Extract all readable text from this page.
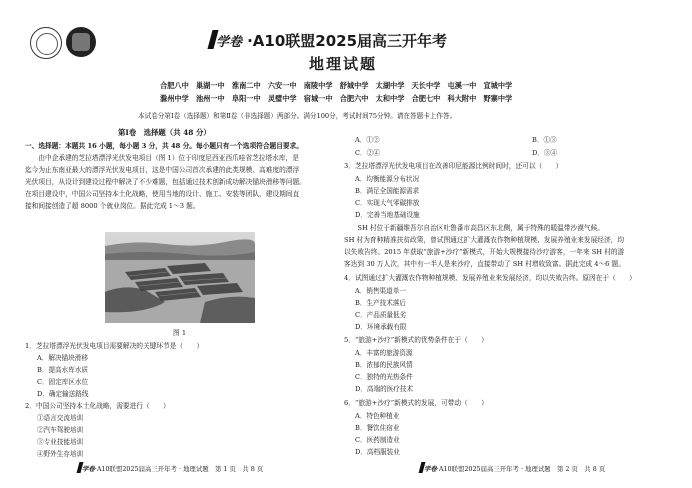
学卷 ·A10联盟2025届高三开年考
地理试题
合肥八中　巢湖一中　淮南二中　六安一中　南陵中学　舒城中学　太湖中学　天长中学　屯溪一中　宣城中学
滁州中学　池州一中　阜阳一中　灵璧中学　宿城一中　合肥六中　太和中学　合肥七中　科大附中　野寨中学
本试卷分第Ⅰ卷（选择题）和第Ⅱ卷（非选择题）两部分。满分100分，考试时间75分钟。请在答题卡上作答。
第Ⅰ卷　选择题（共 48 分）
一、选择题：本题共 16 小题，每小题 3 分，共 48 分。每小题只有一个选项符合题目要求。
　　由中企承建的芝拉塔漂浮光伏发电项目（图 1）位于印度尼西亚西爪哇省芝拉塔水库，是
迄今为止东南亚最大的漂浮光伏发电项目，这是中国公司首次承建的此类规模、高难度的漂浮
光伏项目，从设计到建设过程中解决了不少难题，包括通过技术创新成功解决锚块滑移等问题。
在项目建设中，中国公司坚持本土化战略，使用当地的设计、施工、安装等团队，建设期间直
接和间接创造了超 8000 个就业岗位。据此完成 1～3 题。
图 1
1．芝拉塔漂浮光伏发电项目需要解决的关键环节是（　　）
A．解决锚块滑移
B．提高水库水质
C．固定库区水位
D．确定输送路线
2．中国公司坚持本土化战略，需要进行（　　）
①语言交流培训
②汽车驾驶培训
③专业技能培训
④野外生存培训
学卷·A10联盟2025届高三开年考 · 地理试题　第 1 页　共 8 页
A．①②	B．①③
C．②④	D．③④
3．芝拉塔漂浮光伏发电项目在改善印尼能源比例时间时，还可以（　　）
A．均衡能源分布状况
B．满足全国能源需求
C．实现大气零碳排放
D．完善当地基础设施
　　SH 村位于新疆维吾尔自治区吐鲁番市高昌区东北侧，属于特殊的暖温带沙漠气候。
SH 村为育种精准扶贫政策，曾试图通过扩大灌溉农作物种植规模、发展养殖业来发展经济，均
以失败告终。2015 年获取“旅游+沙疗”新模式，开始大规模接待沙疗游客，一年来 SH 村的游
客达到 30 万人次，其中有一半人是来沙疗，直接带动了 SH 村增收致富。据此完成 4～6 题。
4．试图通过扩大灌溉农作物种植规模、发展养殖业来发展经济，均以失败告终。原因在于（　　）
A．销售渠道单一
B．生产技术落后
C．产品质量低劣
D．环境承载有限
5．“旅游+沙疗”新模式的优势条件在于（　　）
A．丰富的旅游资源
B．浓郁的民族风情
C．独特的光热条件
D．高端的医疗技术
6．“旅游+沙疗”新模式的发展，可带动（　　）
A．特色种植业
B．餐饮住宿业
C．医药制造业
D．高档服装业
学卷·A10联盟2025届高三开年考 · 地理试题　第 2 页　共 8 页
